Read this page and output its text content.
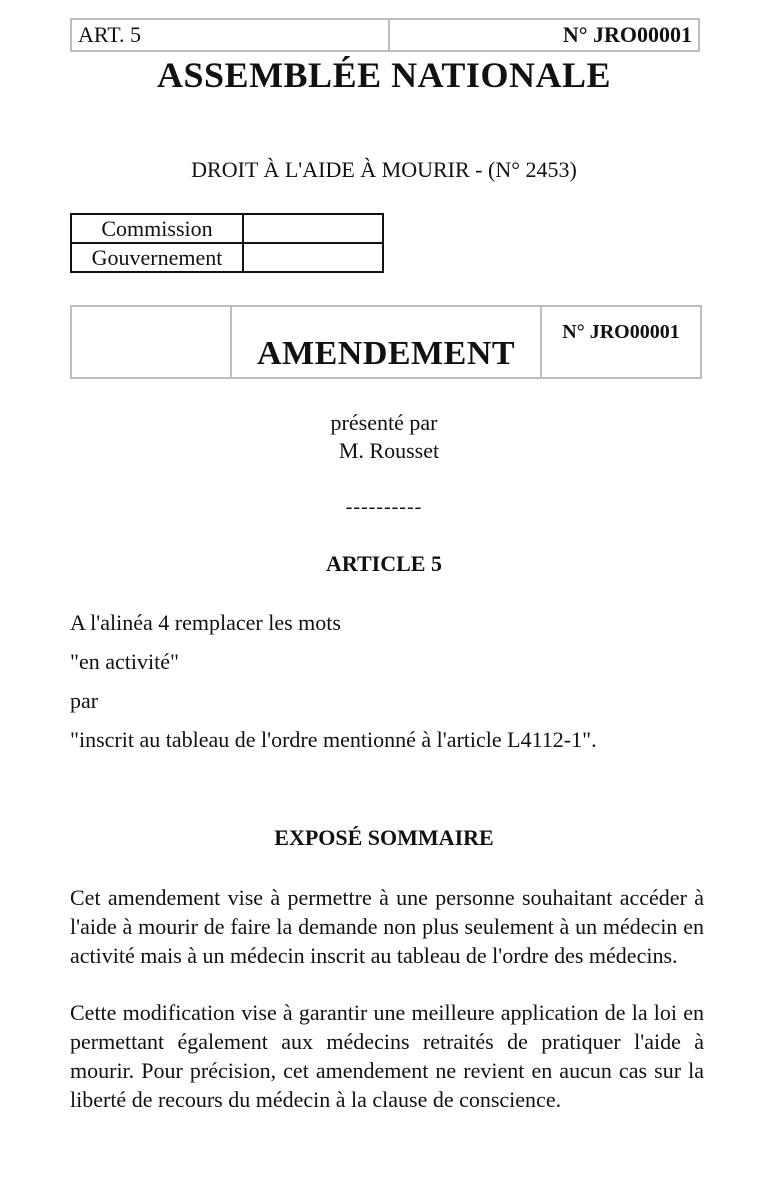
ART. 5	N° JRO00001
ASSEMBLÉE NATIONALE
DROIT À L'AIDE À MOURIR - (N° 2453)
Commission	
Gouvernement	
	AMENDEMENT	N° JRO00001
présenté par
M. Rousset
----------
ARTICLE 5

A l'alinéa 4 remplacer les mots

"en activité"

par

"inscrit au tableau de l'ordre mentionné à l'article L4112-1".

EXPOSÉ SOMMAIRE

Cet amendement vise à permettre à une personne souhaitant accéder à l'aide à mourir de faire la demande non plus seulement à un médecin en activité mais à un médecin inscrit au tableau de l'ordre des médecins.

Cette modification vise à garantir une meilleure application de la loi en permettant également aux médecins retraités de pratiquer l'aide à mourir. Pour précision, cet amendement ne revient en aucun cas sur la liberté de recours du médecin à la clause de conscience.
